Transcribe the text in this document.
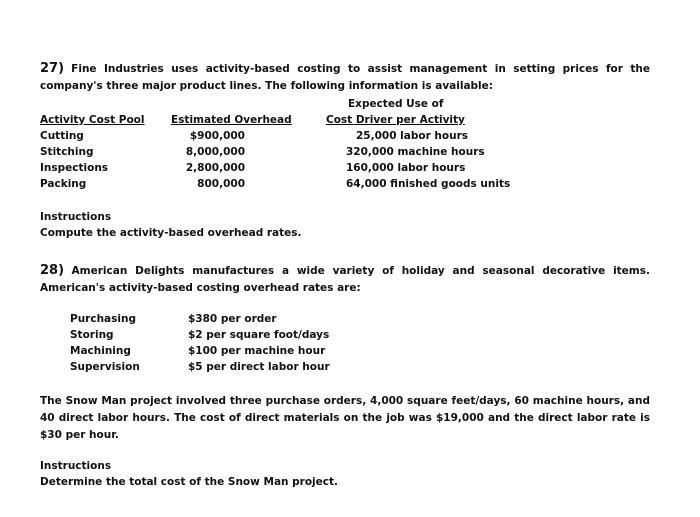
27) Fine Industries uses activity-based costing to assist management in setting prices for the company's three major product lines. The following information is available:
Expected Use of
Activity Cost Pool	Estimated Overhead	Cost Driver per Activity
Cutting	$900,000	25,000 labor hours
Stitching	8,000,000	320,000 machine hours
Inspections	2,800,000	160,000 labor hours
Packing	800,000	64,000 finished goods units
Instructions
Compute the activity-based overhead rates.
28) American Delights manufactures a wide variety of holiday and seasonal decorative items. American's activity-based costing overhead rates are:
Purchasing	$380 per order
Storing	$2 per square foot/days
Machining	$100 per machine hour
Supervision	$5 per direct labor hour
The Snow Man project involved three purchase orders, 4,000 square feet/days, 60 machine hours, and 40 direct labor hours. The cost of direct materials on the job was $19,000 and the direct labor rate is $30 per hour.
Instructions
Determine the total cost of the Snow Man project.
